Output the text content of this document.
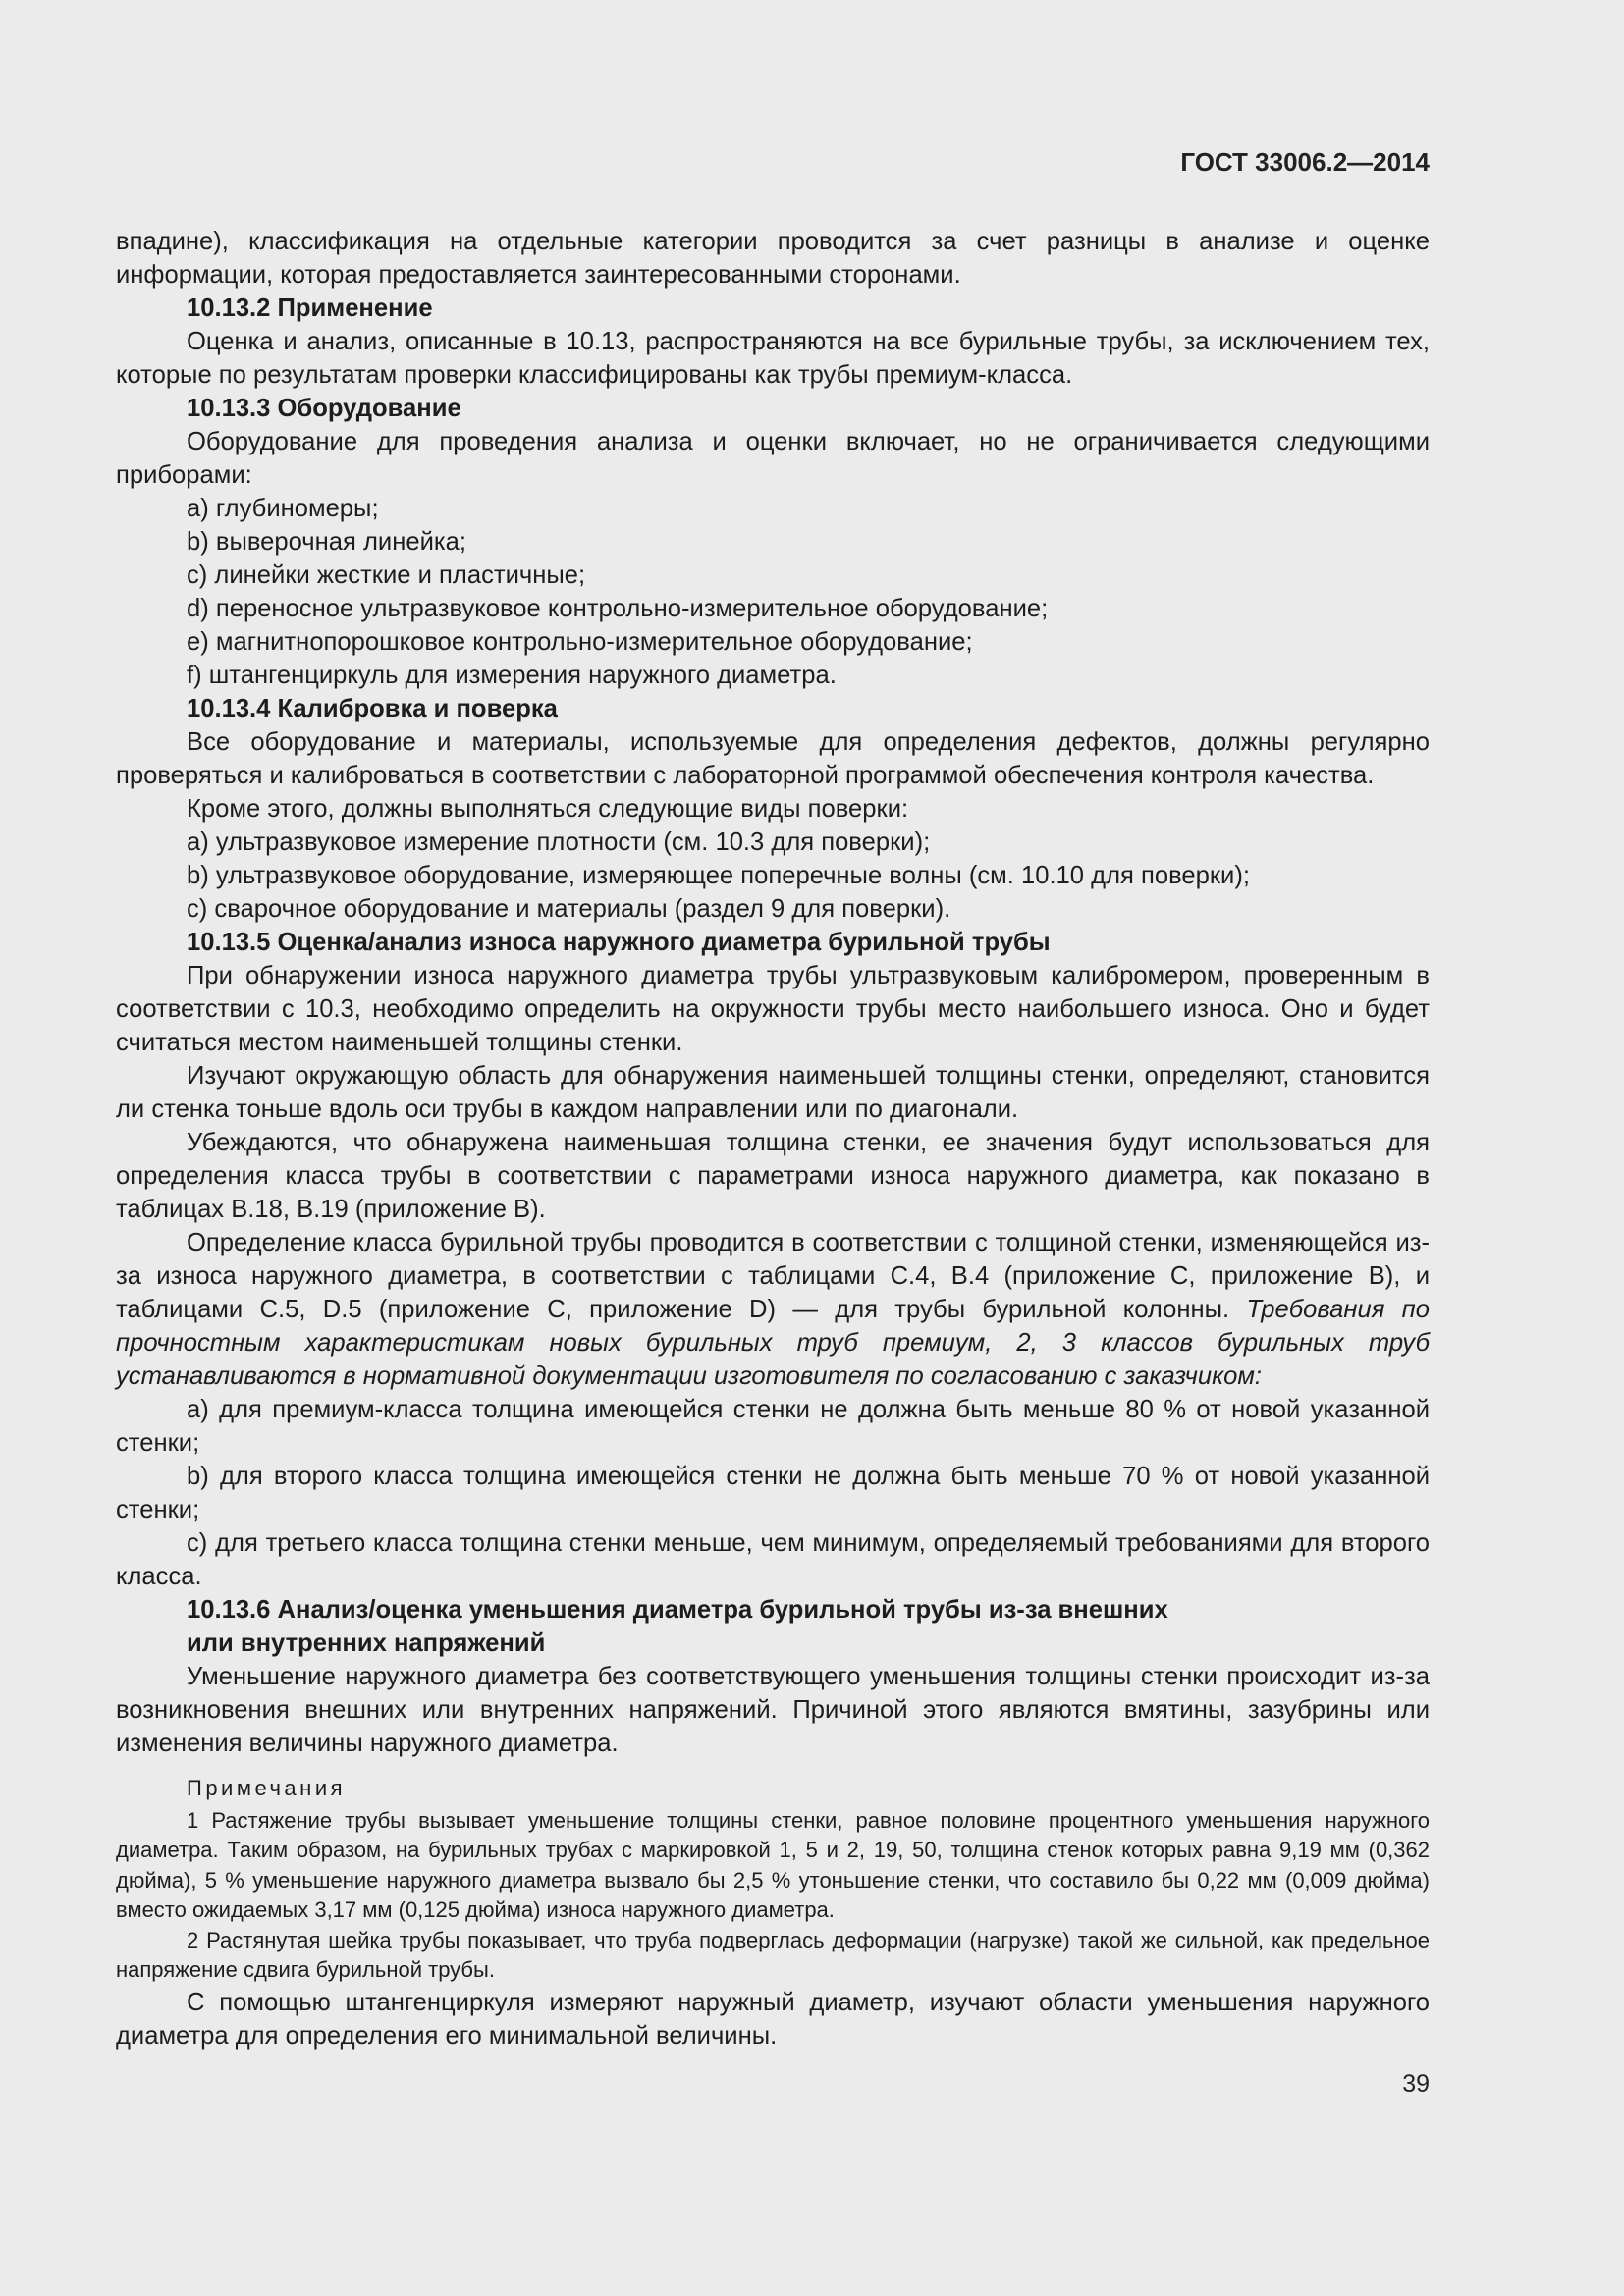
ГОСТ 33006.2—2014

впадине), классификация на отдельные категории проводится за счет разницы в анализе и оценке информации, которая предоставляется заинтересованными сторонами.

10.13.2 Применение

Оценка и анализ, описанные в 10.13, распространяются на все бурильные трубы, за исключением тех, которые по результатам проверки классифицированы как трубы премиум-класса.

10.13.3 Оборудование

Оборудование для проведения анализа и оценки включает, но не ограничивается следующими приборами:

a) глубиномеры;

b) выверочная линейка;

c) линейки жесткие и пластичные;

d) переносное ультразвуковое контрольно-измерительное оборудование;

e) магнитнопорошковое контрольно-измерительное оборудование;

f) штангенциркуль для измерения наружного диаметра.

10.13.4 Калибровка и поверка

Все оборудование и материалы, используемые для определения дефектов, должны регулярно проверяться и калиброваться в соответствии с лабораторной программой обеспечения контроля качества.

Кроме этого, должны выполняться следующие виды поверки:

a) ультразвуковое измерение плотности (см. 10.3 для поверки);

b) ультразвуковое оборудование, измеряющее поперечные волны (см. 10.10 для поверки);

c) сварочное оборудование и материалы (раздел 9 для поверки).

10.13.5 Оценка/анализ износа наружного диаметра бурильной трубы

При обнаружении износа наружного диаметра трубы ультразвуковым калибромером, проверенным в соответствии с 10.3, необходимо определить на окружности трубы место наибольшего износа. Оно и будет считаться местом наименьшей толщины стенки.

Изучают окружающую область для обнаружения наименьшей толщины стенки, определяют, становится ли стенка тоньше вдоль оси трубы в каждом направлении или по диагонали.

Убеждаются, что обнаружена наименьшая толщина стенки, ее значения будут использоваться для определения класса трубы в соответствии с параметрами износа наружного диаметра, как показано в таблицах В.18, В.19 (приложение В).

Определение класса бурильной трубы проводится в соответствии с толщиной стенки, изменяющейся из-за износа наружного диаметра, в соответствии с таблицами С.4, В.4 (приложение С, приложение В), и таблицами С.5, D.5 (приложение С, приложение D) — для трубы бурильной колонны. Требования по прочностным характеристикам новых бурильных труб премиум, 2, 3 классов бурильных труб устанавливаются в нормативной документации изготовителя по согласованию с заказчиком:

a) для премиум-класса толщина имеющейся стенки не должна быть меньше 80 % от новой указанной стенки;

b) для второго класса толщина имеющейся стенки не должна быть меньше 70 % от новой указанной стенки;

c) для третьего класса толщина стенки меньше, чем минимум, определяемый требованиями для второго класса.

10.13.6 Анализ/оценка уменьшения диаметра бурильной трубы из-за внешних

или внутренних напряжений

Уменьшение наружного диаметра без соответствующего уменьшения толщины стенки происходит из-за возникновения внешних или внутренних напряжений. Причиной этого являются вмятины, зазубрины или изменения величины наружного диаметра.

Примечания

1 Растяжение трубы вызывает уменьшение толщины стенки, равное половине процентного уменьшения наружного диаметра. Таким образом, на бурильных трубах с маркировкой 1, 5 и 2, 19, 50, толщина стенок которых равна 9,19 мм (0,362 дюйма), 5 % уменьшение наружного диаметра вызвало бы 2,5 % утоньшение стенки, что составило бы 0,22 мм (0,009 дюйма) вместо ожидаемых 3,17 мм (0,125 дюйма) износа наружного диаметра.

2 Растянутая шейка трубы показывает, что труба подверглась деформации (нагрузке) такой же сильной, как предельное напряжение сдвига бурильной трубы.

С помощью штангенциркуля измеряют наружный диаметр, изучают области уменьшения наружного диаметра для определения его минимальной величины.

39
